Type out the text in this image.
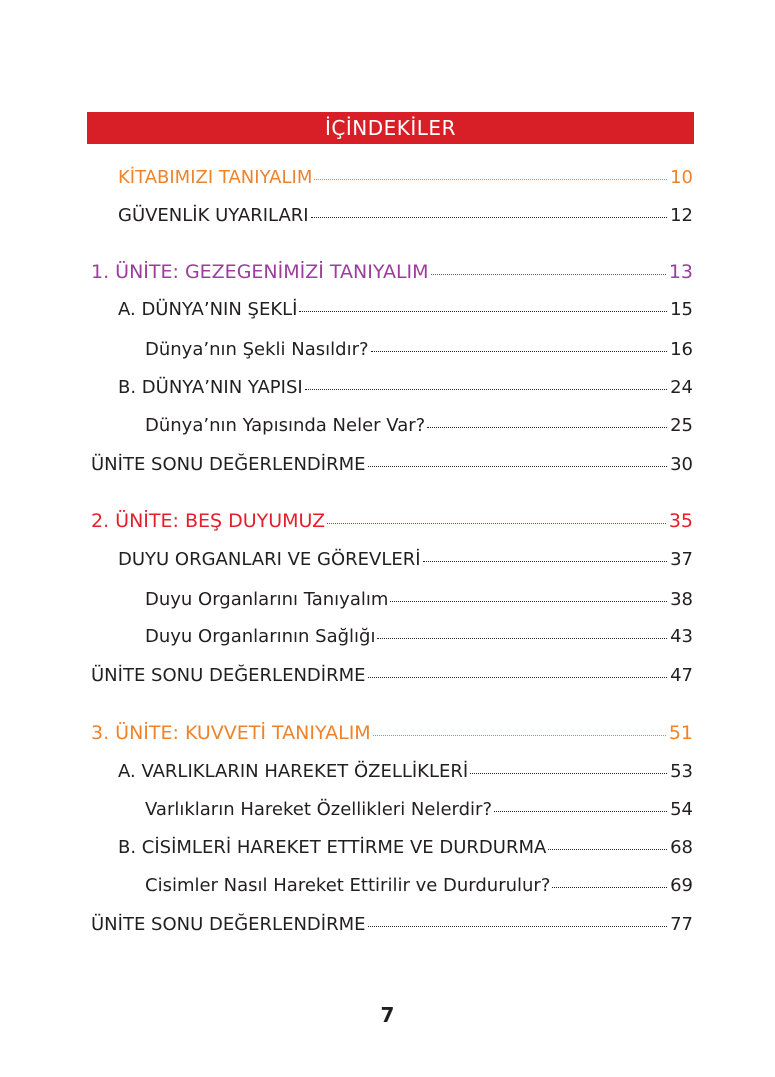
İÇİNDEKİLER
KİTABIMIZI TANIYALIM	10
GÜVENLİK UYARILARI	12
1. ÜNİTE: GEZEGENİMİZİ TANIYALIM	13
A. DÜNYA’NIN ŞEKLİ	15
Dünya’nın Şekli Nasıldır?	16
B. DÜNYA’NIN YAPISI	24
Dünya’nın Yapısında Neler Var?	25
ÜNİTE SONU DEĞERLENDİRME	30
2. ÜNİTE: BEŞ DUYUMUZ	35
DUYU ORGANLARI VE GÖREVLERİ	37
Duyu Organlarını Tanıyalım	38
Duyu Organlarının Sağlığı	43
ÜNİTE SONU DEĞERLENDİRME	47
3. ÜNİTE: KUVVETİ TANIYALIM	51
A. VARLIKLARIN HAREKET ÖZELLİKLERİ	53
Varlıkların Hareket Özellikleri Nelerdir?	54
B. CİSİMLERİ HAREKET ETTİRME VE DURDURMA	68
Cisimler Nasıl Hareket Ettirilir ve Durdurulur?	69
ÜNİTE SONU DEĞERLENDİRME	77
7
